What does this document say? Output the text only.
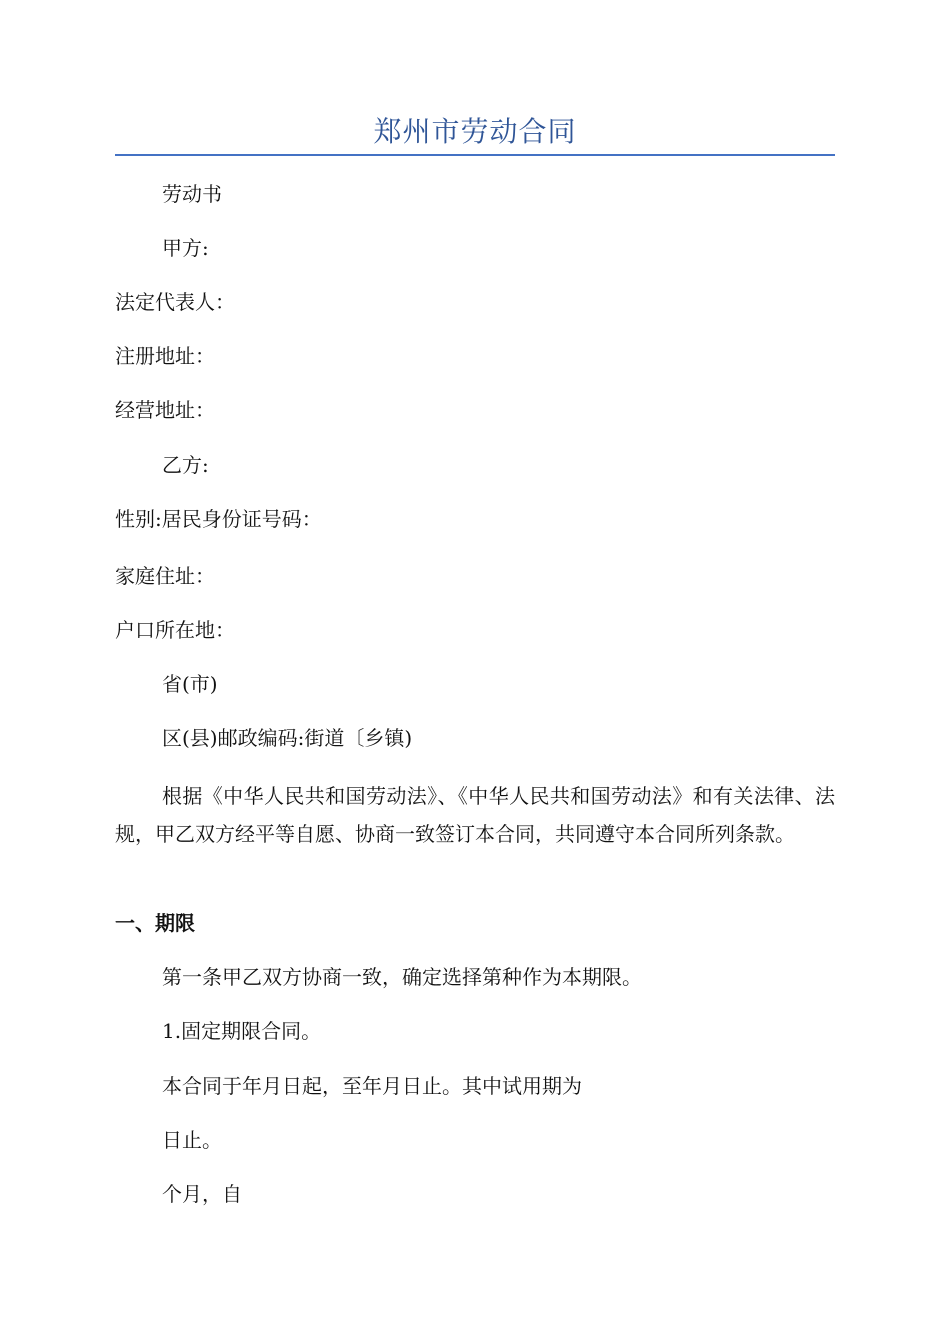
郑州市劳动合同
劳动书
甲方:
法定代表人：
注册地址：
经营地址：
乙方:
性别:居民身份证号码：
家庭住址：
户口所在地：
省(市)
区(县)邮政编码:街道〔乡镇)
根据《中华人民共和国劳动法》、《中华人民共和国劳动法》和有关法律、法规，甲乙双方经平等自愿、协商一致签订本合同，共同遵守本合同所列条款。
一、期限
第一条甲乙双方协商一致，确定选择第种作为本期限。
1.固定期限合同。
本合同于年月日起，至年月日止。其中试用期为
日止。
个月，自
